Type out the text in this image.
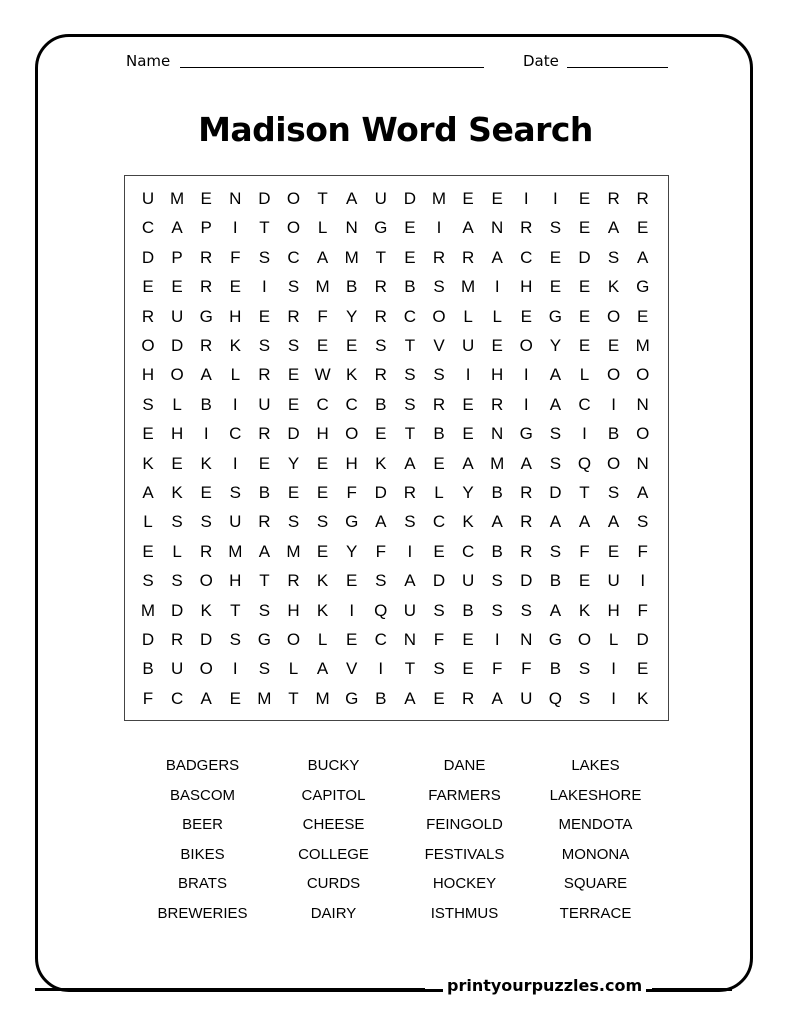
Name	Date
Madison Word Search
U M E	N D O	T	A	U D M E	E	I	I	E	R R
C	A	P	I	T	O	L	N G E	I	A	N R	S	E	A	E
D	P	R	F	S	C	A M T	E	R R	A	C	E	D	S	A
E	E	R	E	I	S M B	R	B	S M	I	H	E	E	K G
R U G H	E	R	F	Y	R C O	L	L	E G E O E
O D R	K	S	S	E	E	S	T	V	U	E O Y	E	E M
H O A	L	R	E W K	R	S	S	I	H	I	A	L	O O
S	L	B	I	U	E	C C	B	S	R	E	R	I	A	C	I	N
E	H	I	C R D H O E	T	B	E	N G S	I	B O
K	E	K	I	E	Y	E	H	K	A	E	A M A	S Q O N
A	K	E	S	B	E	E	F	D R	L	Y	B	R D	T	S	A
L	S	S	U R	S	S G A	S	C	K	A	R	A	A	A	S
E	L	R M A M E	Y	F	I	E	C	B	R	S	F	E	F
S	S O H	T	R	K	E	S	A	D U	S	D	B	E	U	I
M D	K	T	S	H	K	I	Q U	S	B	S	S	A	K	H	F
D R D	S G O	L	E	C N	F	E	I	N G O	L	D
B	U O	I	S	L	A	V	I	T	S	E	F	F	B	S	I	E
F	C	A	E M T M G B	A	E	R	A	U Q S	I	K
BADGERS	BUCKY	DANE	LAKES
BASCOM	CAPITOL	FARMERS	LAKESHORE
BEER	CHEESE	FEINGOLD	MENDOTA
BIKES	COLLEGE	FESTIVALS	MONONA
BRATS	CURDS	HOCKEY	SQUARE
BREWERIES	DAIRY	ISTHMUS	TERRACE
printyourpuzzles.com
